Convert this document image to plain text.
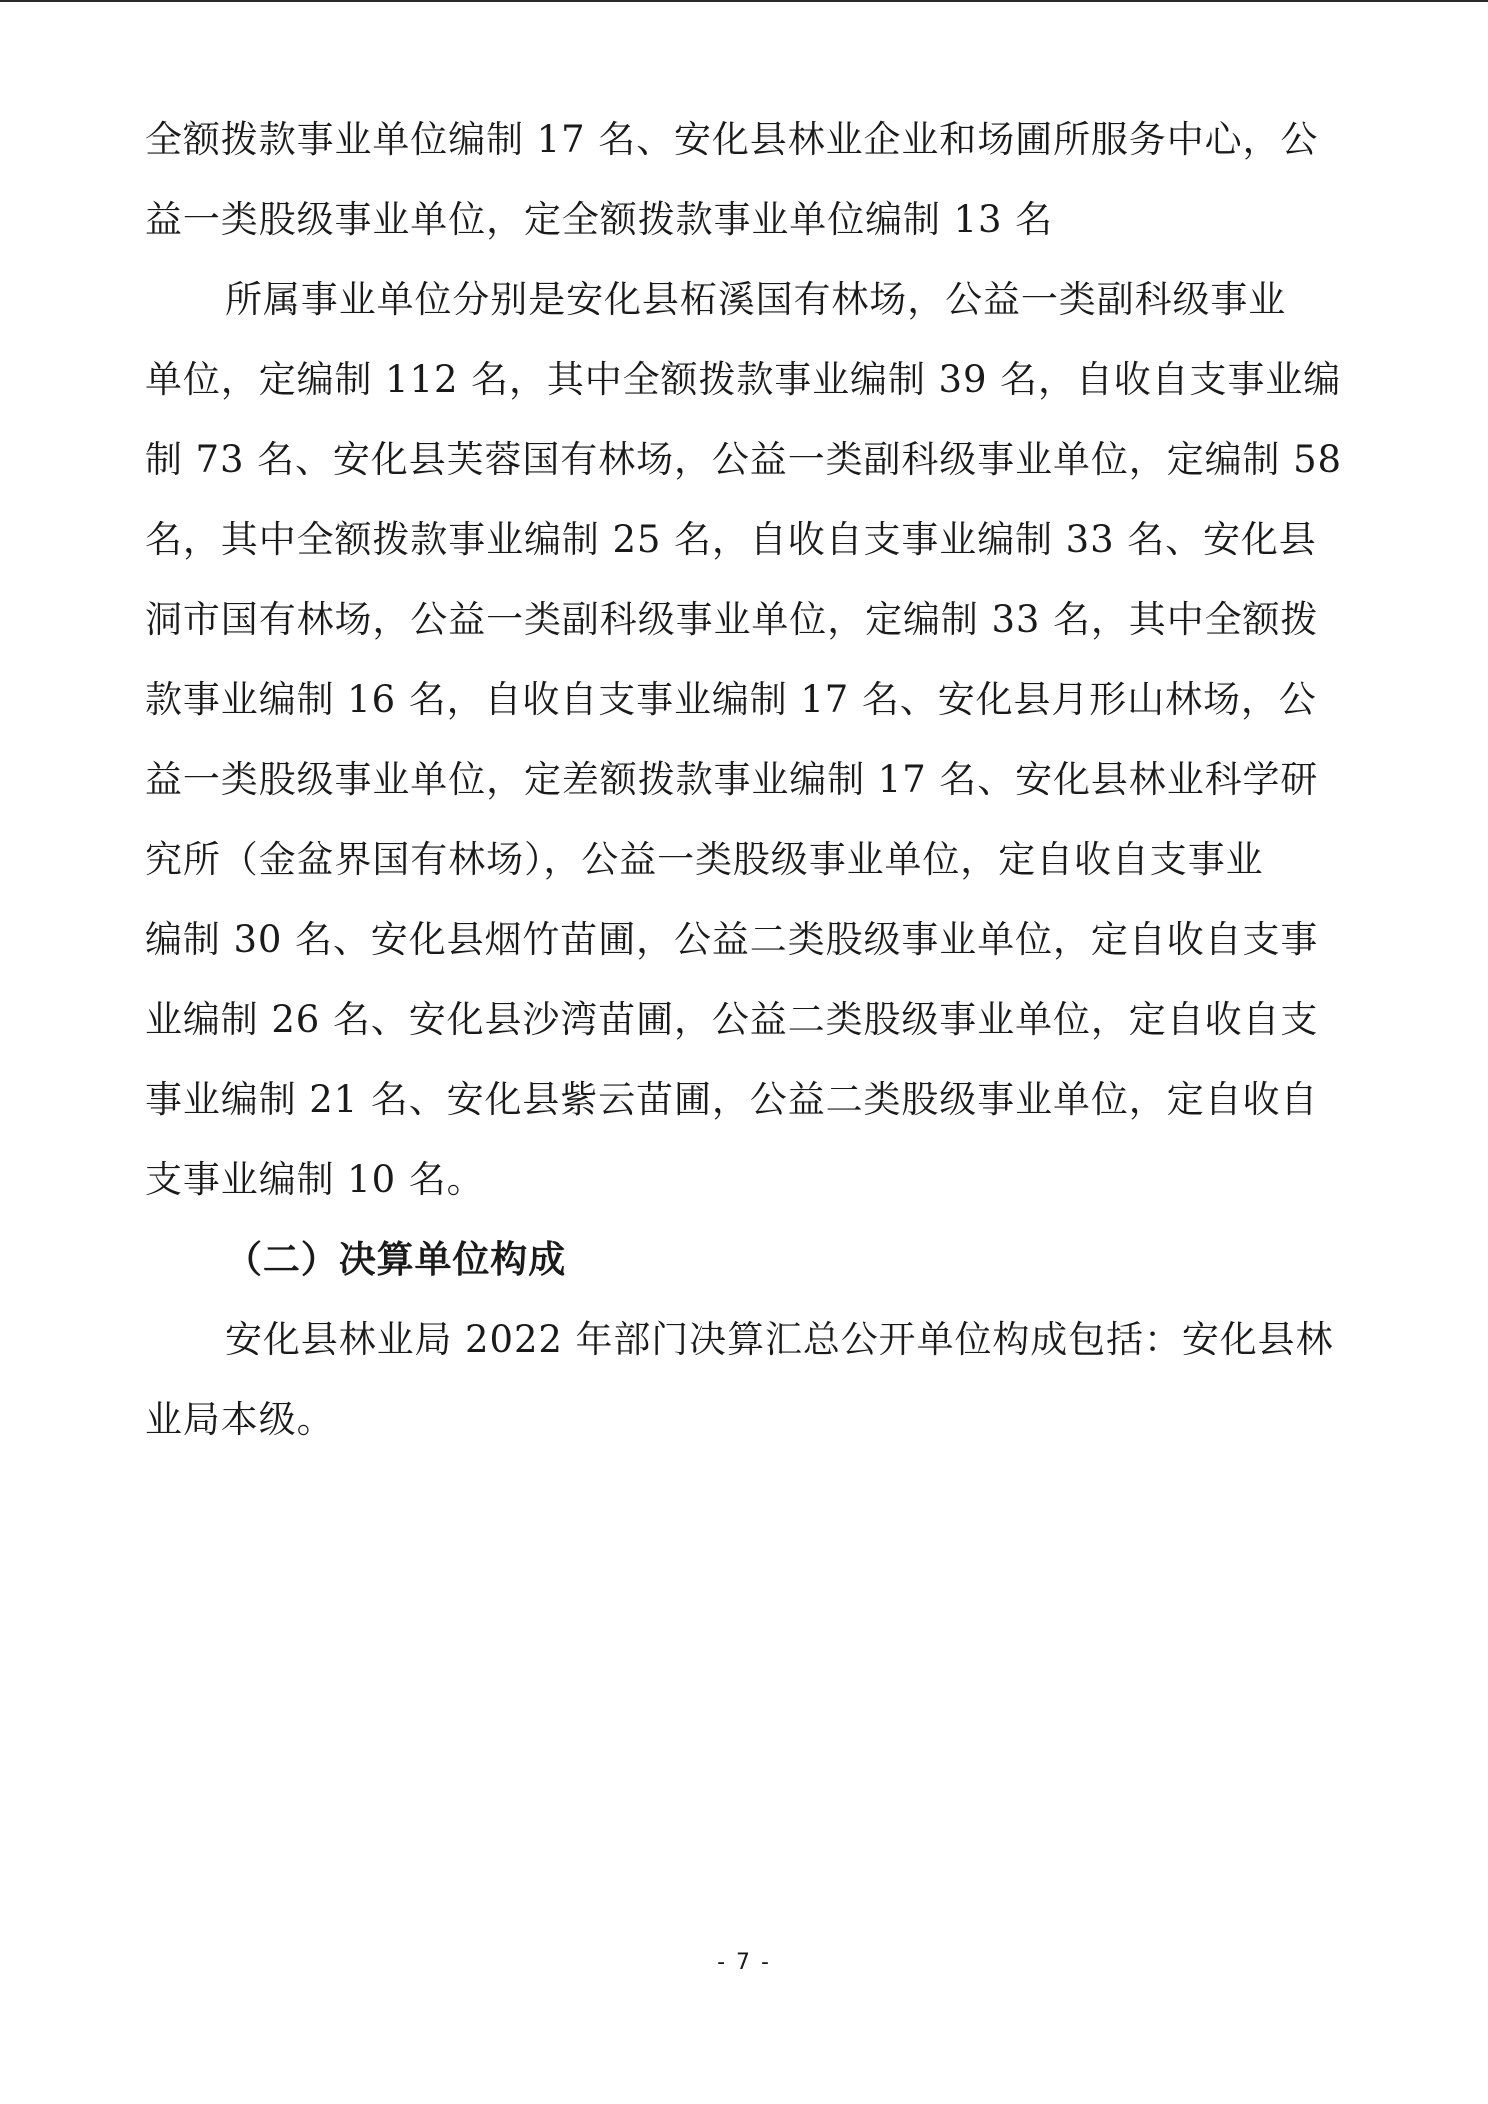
全额拨款事业单位编制 17 名、安化县林业企业和场圃所服务中心，公
益一类股级事业单位，定全额拨款事业单位编制 13 名
所属事业单位分别是安化县柘溪国有林场，公益一类副科级事业
单位，定编制 112 名，其中全额拨款事业编制 39 名，自收自支事业编
制 73 名、安化县芙蓉国有林场，公益一类副科级事业单位，定编制 58
名，其中全额拨款事业编制 25 名，自收自支事业编制 33 名、安化县
洞市国有林场，公益一类副科级事业单位，定编制 33 名，其中全额拨
款事业编制 16 名，自收自支事业编制 17 名、安化县月形山林场，公
益一类股级事业单位，定差额拨款事业编制 17 名、安化县林业科学研
究所（金盆界国有林场），公益一类股级事业单位，定自收自支事业
编制 30 名、安化县烟竹苗圃，公益二类股级事业单位，定自收自支事
业编制 26 名、安化县沙湾苗圃，公益二类股级事业单位，定自收自支
事业编制 21 名、安化县紫云苗圃，公益二类股级事业单位，定自收自
支事业编制 10 名。
（二）决算单位构成
安化县林业局 2022 年部门决算汇总公开单位构成包括：安化县林
业局本级。
- 7 -
